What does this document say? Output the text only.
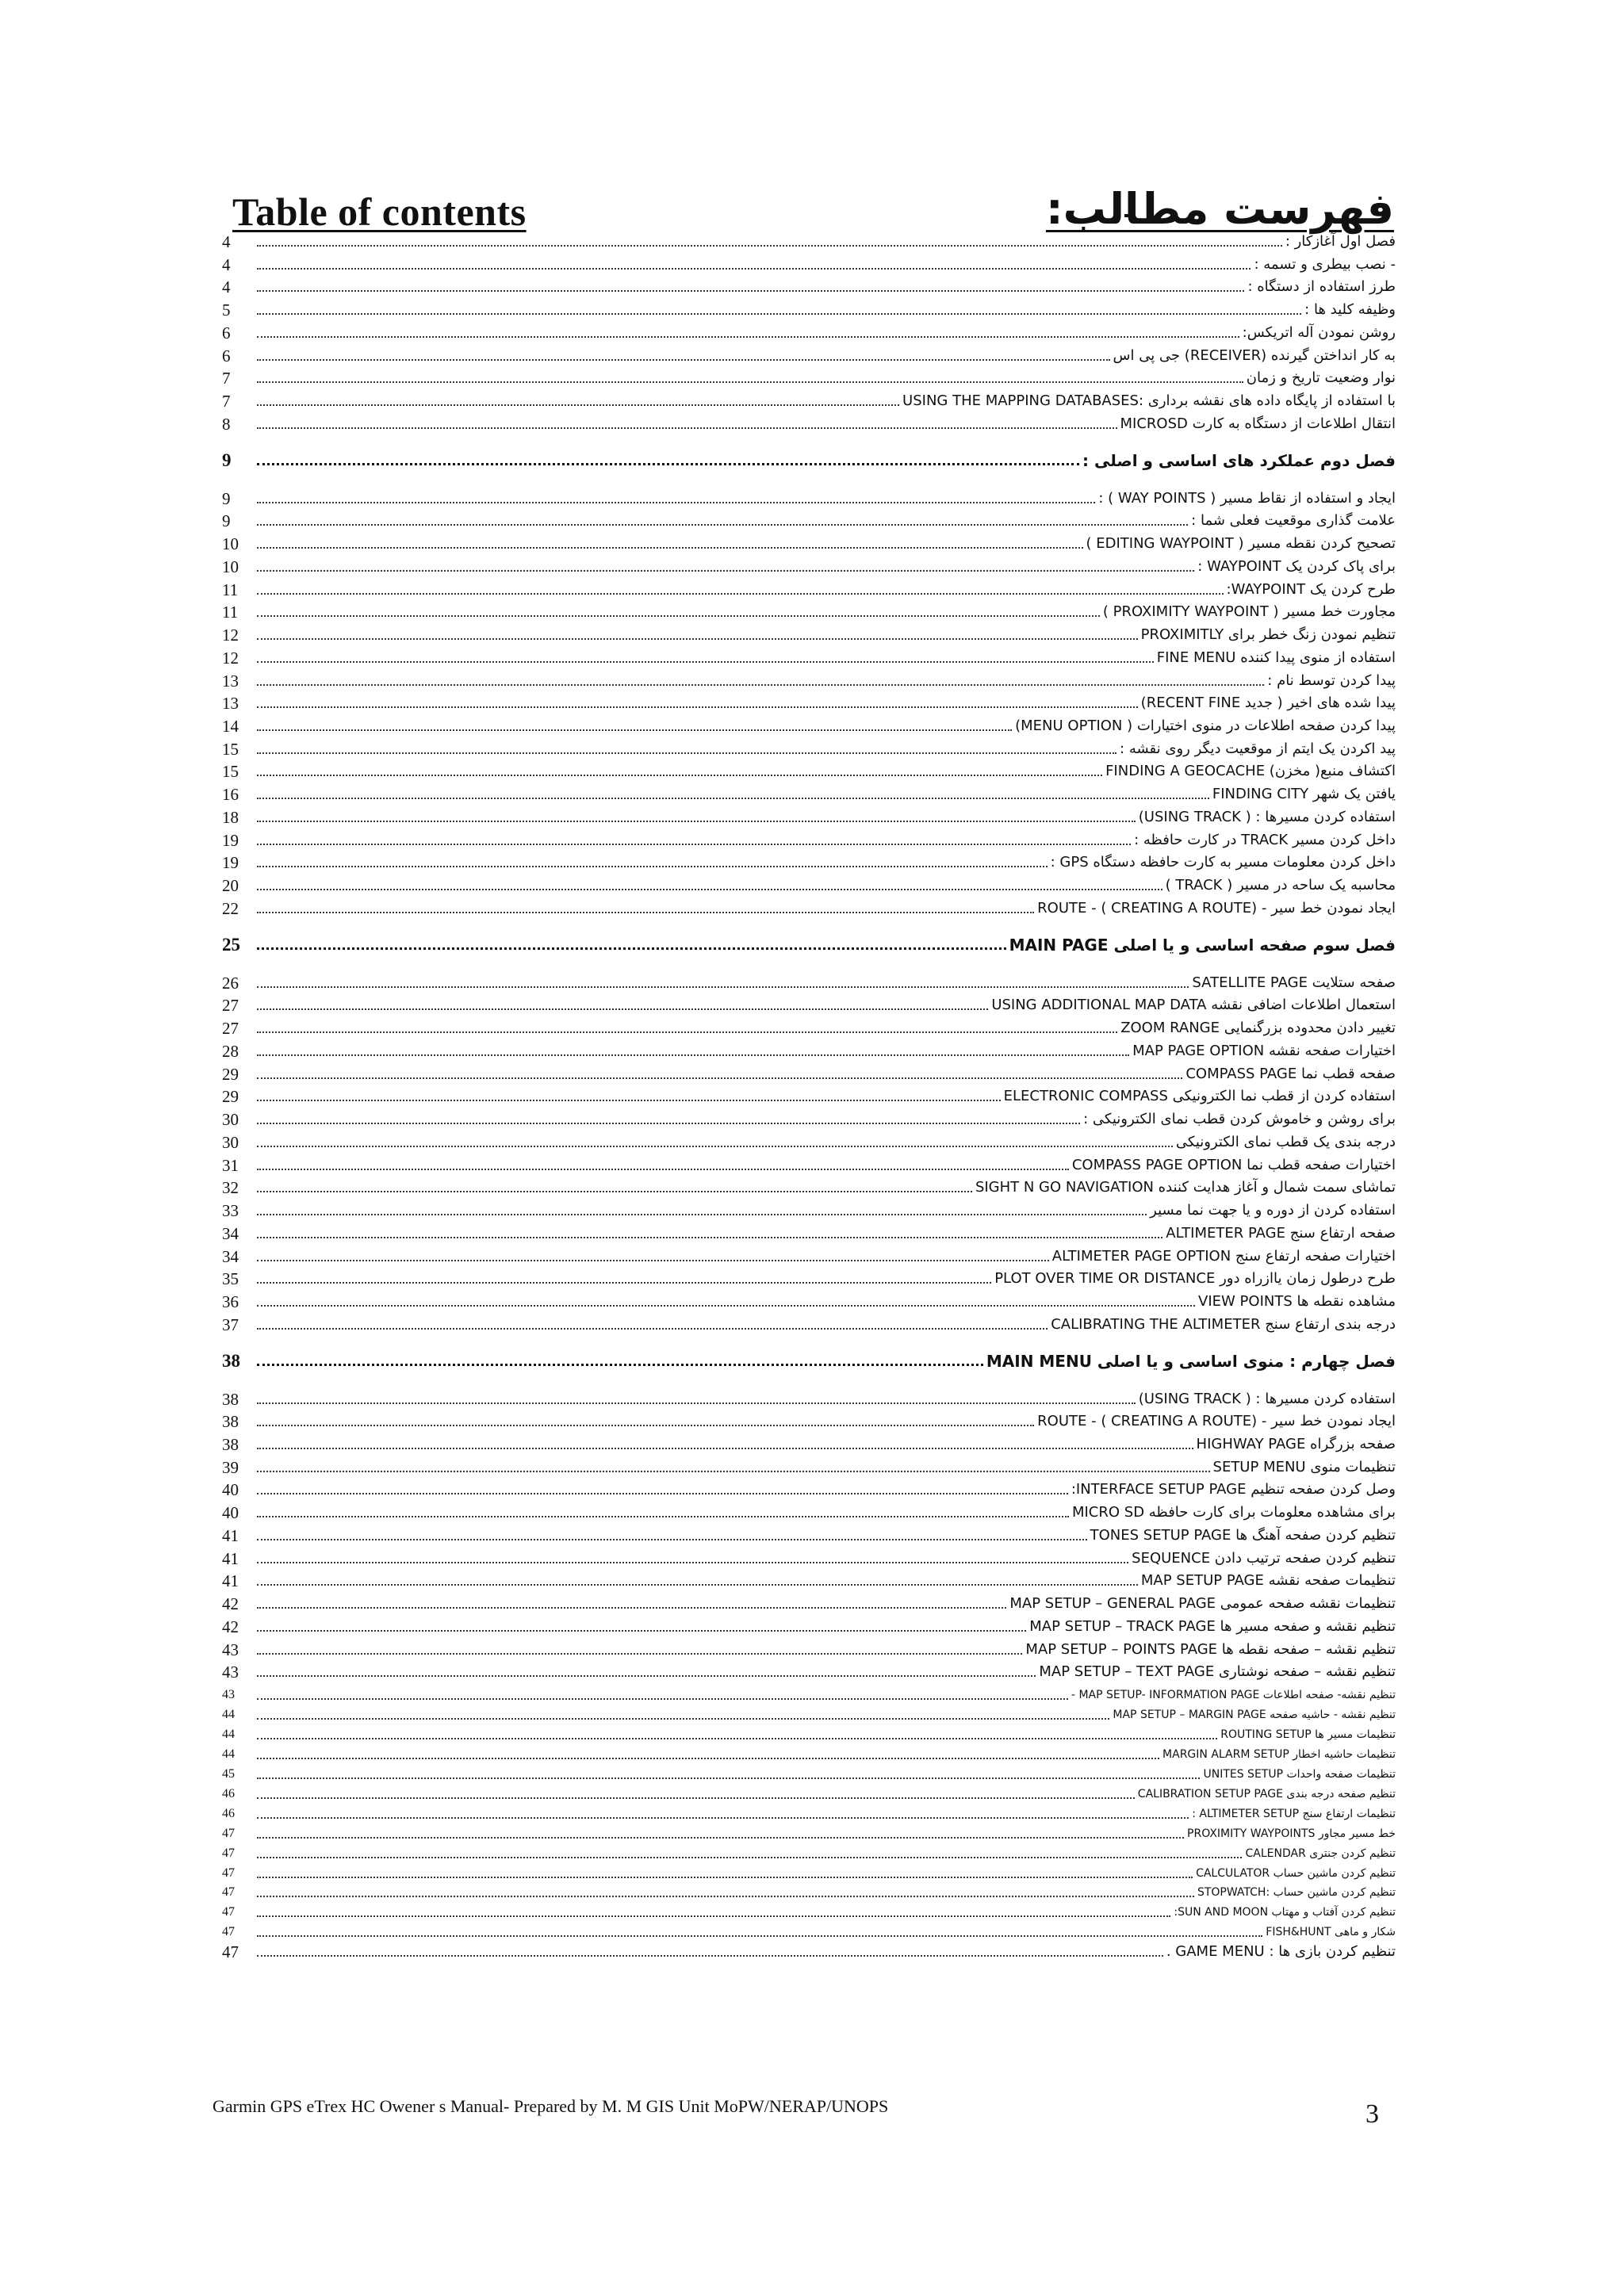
Table of contents	فهرست مطالب:
4	فصل اول آغازکار :
4	- نصب بیطری و تسمه :
4	طرز استفاده از دستگاه :
5	وظیفه کلید ها :
6	روشن نمودن آله اتریکس:
6	به کار انداختن گیرنده (RECEIVER) جی پی اس
7	نوار وضعیت تاریخ و زمان
7	با استفاده از پایگاه داده های نقشه برداری :USING THE MAPPING DATABASES
8	انتقال اطلاعات از دستگاه به کارت MICROSD
9	فصل دوم عملکرد های اساسی و اصلی :
9	ایجاد و استفاده از نقاط مسیر ( WAY POINTS ) :
9	علامت گذاری موقعیت فعلی شما :
10	تصحیح کردن نقطه مسیر ( EDITING WAYPOINT )
10	برای پاک کردن یک WAYPOINT :
11	طرح کردن یک WAYPOINT:
11	مجاورت خط مسیر ( PROXIMITY WAYPOINT )
12	تنظیم نمودن زنگ خطر برای PROXIMITLY
12	استفاده از منوی پیدا کننده FINE MENU
13	پیدا کردن توسط نام :
13	پیدا شده های اخیر ( جدید RECENT FINE)
14	پیدا کردن صفحه اطلاعات در منوی اختیارات ( MENU OPTION)
15	پید اکردن یک ایتم از موقعیت دیگر روی نقشه :
15	اکتشاف منبع( مخزن) FINDING A GEOCACHE
16	یافتن یک شهر FINDING CITY
18	استفاده کردن مسیرها : ( USING TRACK)
19	داخل کردن مسیر TRACK در کارت حافظه :
19	داخل کردن معلومات مسیر به کارت حافظه دستگاه GPS :
20	محاسبه یک ساحه در مسیر ( TRACK )
22	ایجاد نمودن خط سیر - ROUTE - ( CREATING A ROUTE)
25	فصل سوم صفحه اساسی و یا اصلی MAIN PAGE
26	صفحه ستلایت SATELLITE PAGE
27	استعمال اطلاعات اضافی نقشه USING ADDITIONAL MAP DATA
27	تغییر دادن محدوده بزرگنمایی ZOOM RANGE
28	اختیارات صفحه نقشه MAP PAGE OPTION
29	صفحه قطب نما COMPASS PAGE
29	استفاده کردن از قطب نما الکترونیکی ELECTRONIC COMPASS
30	برای روشن و خاموش کردن قطب نمای الکترونیکی :
30	درجه بندی یک قطب نمای الکترونیکی
31	اختیارات صفحه قطب نما COMPASS PAGE OPTION
32	تماشای سمت شمال و آغاز هدایت کننده SIGHT N GO NAVIGATION
33	استفاده کردن از دوره و یا جهت نما مسیر
34	صفحه ارتفاع سنج ALTIMETER PAGE
34	اختیارات صفحه ارتفاع سنج ALTIMETER PAGE OPTION
35	طرح درطول زمان یاازراه دور PLOT OVER TIME OR DISTANCE
36	مشاهده نقطه ها VIEW POINTS
37	درجه بندی ارتفاع سنج CALIBRATING THE ALTIMETER
38	فصل چهارم : منوی اساسی و یا اصلی MAIN MENU
38	استفاده کردن مسیرها : ( USING TRACK)
38	ایجاد نمودن خط سیر - ROUTE - ( CREATING A ROUTE)
38	صفحه بزرگراه HIGHWAY PAGE
39	تنظیمات منوی SETUP MENU
40	وصل کردن صفحه تنظیم INTERFACE SETUP PAGE:
40	برای مشاهده معلومات برای کارت حافظه MICRO SD
41	تنظیم کردن صفحه آهنگ ها TONES SETUP PAGE
41	تنظیم کردن صفحه ترتیب دادن SEQUENCE
41	تنظیمات صفحه نقشه MAP SETUP PAGE
42	تنظیمات نقشه صفحه عمومی MAP SETUP – GENERAL PAGE
42	تنظیم نقشه و صفحه مسیر ها MAP SETUP – TRACK PAGE
43	تنظیم نقشه – صفحه نقطه ها MAP SETUP – POINTS PAGE
43	تنظیم نقشه – صفحه نوشتاری MAP SETUP – TEXT PAGE
43	تنظیم نقشه- صفحه اطلاعات MAP SETUP- INFORMATION PAGE -
44	تنظیم نقشه - حاشیه صفحه MAP SETUP – MARGIN PAGE
44	تنظیمات مسیر ها ROUTING SETUP
44	تنظیمات حاشیه اخطار MARGIN ALARM SETUP
45	تنظیمات صفحه واحدات UNITES SETUP
46	تنظیم صفحه درجه بندی CALIBRATION SETUP PAGE
46	تنظیمات ارتفاع سنج ALTIMETER SETUP :
47	خط مسیر مجاور PROXIMITY WAYPOINTS
47	تنظیم کردن جنتری CALENDAR
47	تنظیم کردن ماشین حساب CALCULATOR
47	تنظیم کردن ماشین حساب :STOPWATCH
47	تنظیم کردن آفتاب و مهتاب SUN AND MOON:
47	شکار و ماهی FISH&HUNT
47	تنظیم کردن بازی ها : GAME MENU .
Garmin GPS eTrex HC Owener s Manual- Prepared by M. M GIS Unit MoPW/NERAP/UNOPS	3
